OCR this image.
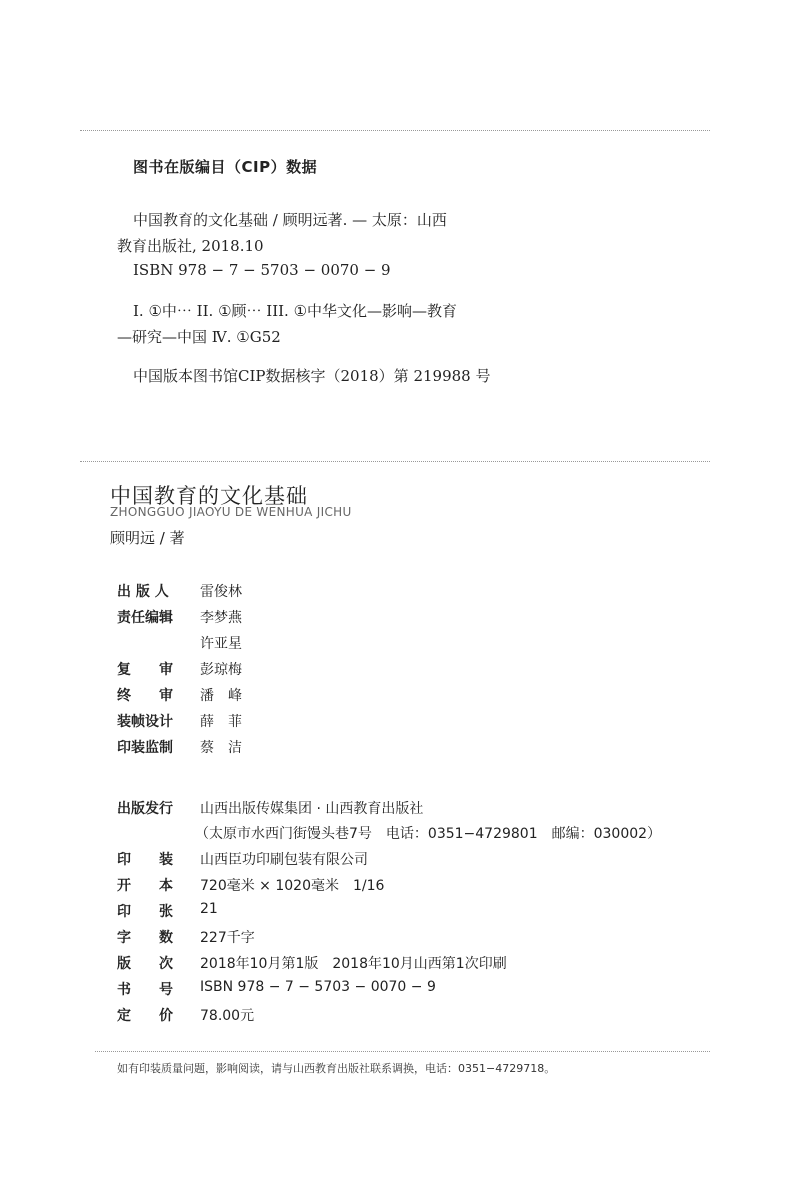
图书在版编目（CIP）数据
中国教育的文化基础 / 顾明远著. — 太原：山西
教育出版社, 2018.10
ISBN 978 − 7 − 5703 − 0070 − 9
I. ①中⋯ II. ①顾⋯ III. ①中华文化—影响—教育
—研究—中国 Ⅳ. ①G52
中国版本图书馆CIP数据核字（2018）第 219988 号
中国教育的文化基础
ZHONGGUO JIAOYU DE WENHUA JICHU
顾明远 / 著
出 版 人 雷俊林
责任编辑 李梦燕
许亚星
复　　审 彭琼梅
终　　审 潘　峰
装帧设计 薛　菲
印装监制 蔡　洁
出版发行 山西出版传媒集团 · 山西教育出版社
（太原市水西门街馒头巷7号　电话：0351−4729801　邮编：030002）
印　　装 山西臣功印刷包装有限公司
开　　本 720毫米 × 1020毫米　1/16
印　　张 21
字　　数 227千字
版　　次 2018年10月第1版　2018年10月山西第1次印刷
书　　号 ISBN 978 − 7 − 5703 − 0070 − 9
定　　价 78.00元
如有印装质量问题，影响阅读，请与山西教育出版社联系调换，电话：0351−4729718。
